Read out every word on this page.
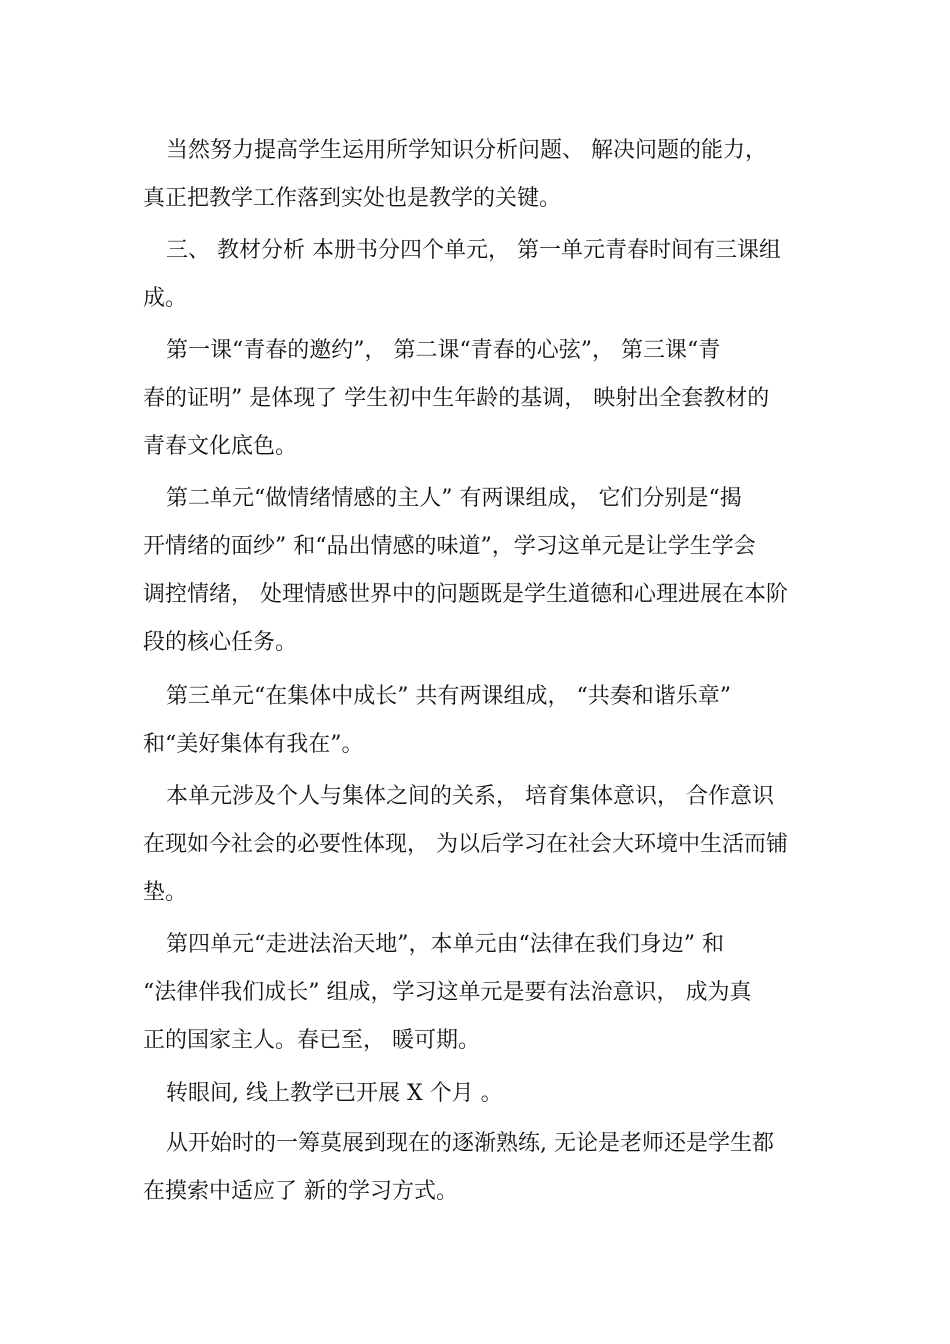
当然努力提高学生运用所学知识分析问题、 解决问题的能力，
真正把教学工作落到实处也是教学的关键。
三、 教材分析 本册书分四个单元， 第一单元青春时间有三课组
成。
第一课“青春的邀约”， 第二课“青春的心弦”， 第三课“青
春的证明” 是体现了 学生初中生年龄的基调， 映射出全套教材的
青春文化底色。
第二单元“做情绪情感的主人” 有两课组成， 它们分别是“揭
开情绪的面纱” 和“品出情感的味道”，学习这单元是让学生学会
调控情绪， 处理情感世界中的问题既是学生道德和心理进展在本阶
段的核心任务。
第三单元“在集体中成长” 共有两课组成， “共奏和谐乐章”
和“美好集体有我在”。
本单元涉及个人与集体之间的关系， 培育集体意识， 合作意识
在现如今社会的必要性体现， 为以后学习在社会大环境中生活而铺
垫。
第四单元“走进法治天地”，本单元由“法律在我们身边” 和
“法律伴我们成长” 组成，学习这单元是要有法治意识， 成为真
正的国家主人。春已至， 暖可期。
转眼间, 线上教学已开展 X 个月 。
从开始时的一筹莫展到现在的逐渐熟练, 无论是老师还是学生都
在摸索中适应了 新的学习方式。
